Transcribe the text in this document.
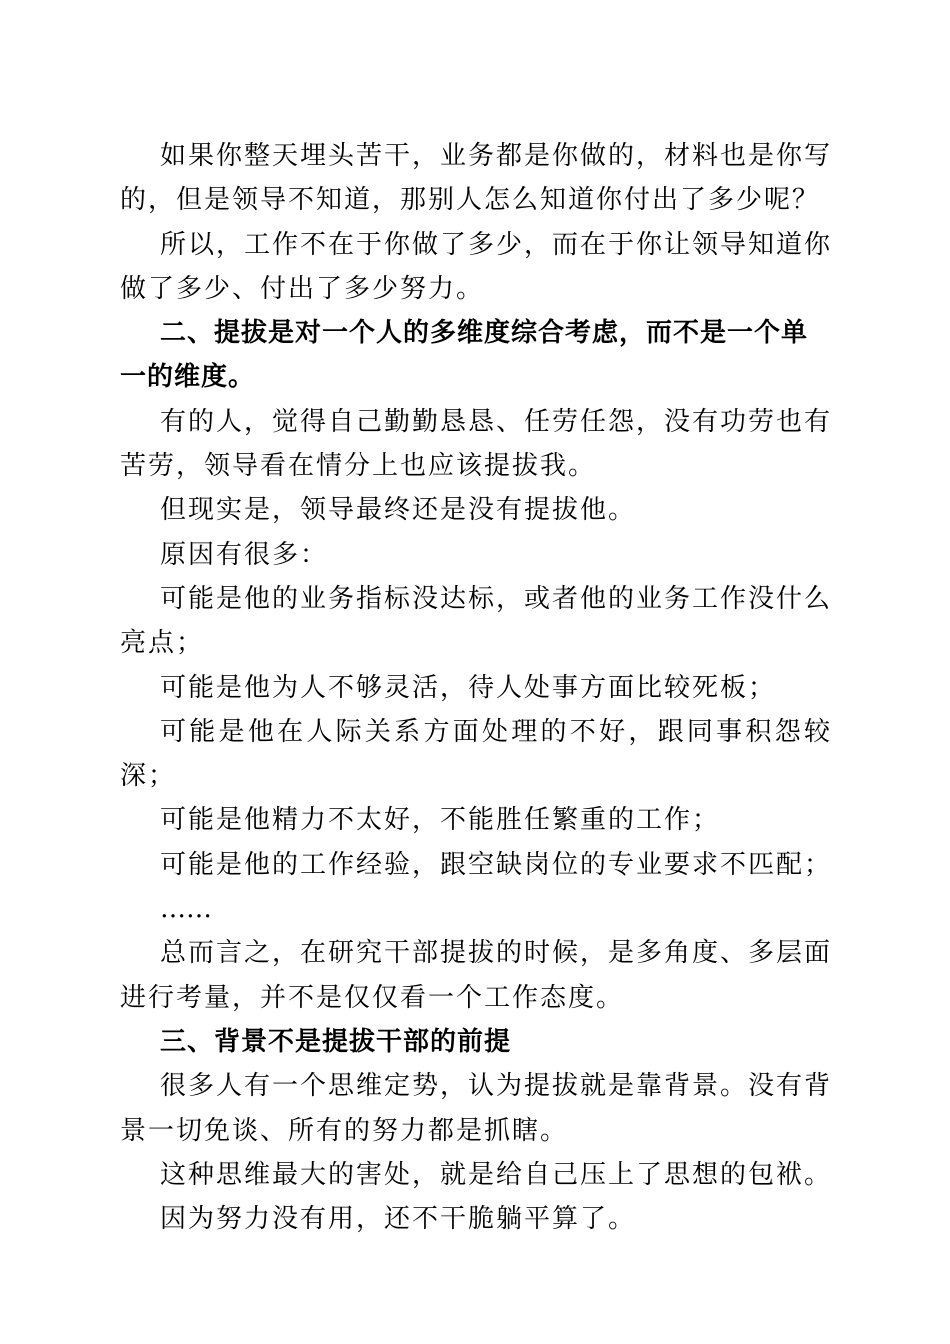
如果你整天埋头苦干，业务都是你做的，材料也是你写的，但是领导不知道，那别人怎么知道你付出了多少呢？

所以，工作不在于你做了多少，而在于你让领导知道你做了多少、付出了多少努力。

二、提拔是对一个人的多维度综合考虑，而不是一个单一的维度。

有的人，觉得自己勤勤恳恳、任劳任怨，没有功劳也有苦劳，领导看在情分上也应该提拔我。

但现实是，领导最终还是没有提拔他。

原因有很多：

可能是他的业务指标没达标，或者他的业务工作没什么亮点；

可能是他为人不够灵活，待人处事方面比较死板；

可能是他在人际关系方面处理的不好，跟同事积怨较深；

可能是他精力不太好，不能胜任繁重的工作；

可能是他的工作经验，跟空缺岗位的专业要求不匹配；

……

总而言之，在研究干部提拔的时候，是多角度、多层面进行考量，并不是仅仅看一个工作态度。

三、背景不是提拔干部的前提

很多人有一个思维定势，认为提拔就是靠背景。没有背景一切免谈、所有的努力都是抓瞎。

这种思维最大的害处，就是给自己压上了思想的包袱。

因为努力没有用，还不干脆躺平算了。
